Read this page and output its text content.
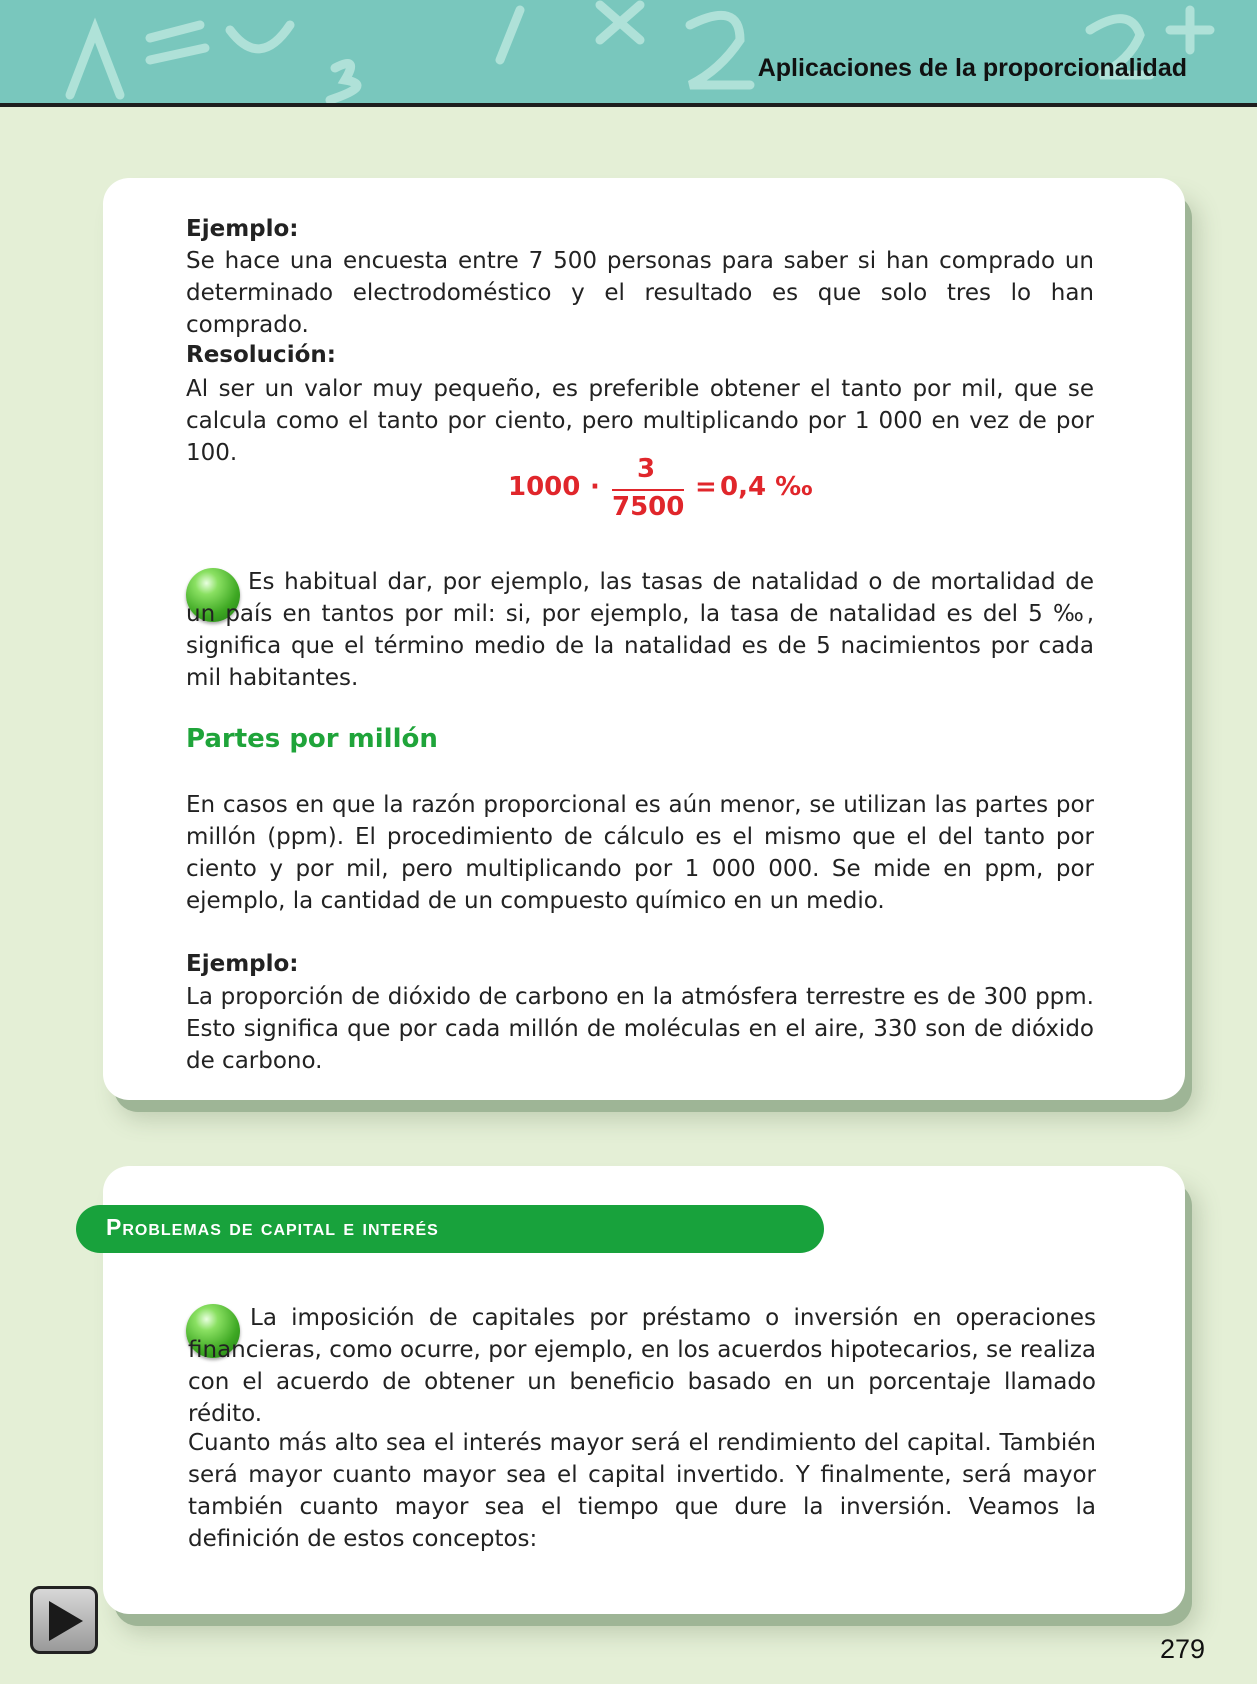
Aplicaciones de la proporcionalidad

Ejemplo:

Se hace una encuesta entre 7 500 personas para saber si han comprado un determinado electrodoméstico y el resultado es que solo tres lo han comprado.

Resolución:

Al ser un valor muy pequeño, es preferible obtener el tanto por mil, que se calcula como el tanto por ciento, pero multiplicando por 1 000 en vez de por 100.

1000 ·
3
7500
= 0,4 ‰

Es habitual dar, por ejemplo, las tasas de natalidad o de mortalidad de un país en tantos por mil: si, por ejemplo, la tasa de natalidad es del 5 ‰, significa que el término medio de la natalidad es de 5 nacimientos por cada mil habitantes.

Partes por millón

En casos en que la razón proporcional es aún menor, se utilizan las partes por millón (ppm). El procedimiento de cálculo es el mismo que el del tanto por ciento y por mil, pero multiplicando por 1 000 000. Se mide en ppm, por ejemplo, la cantidad de un compuesto químico en un medio.

Ejemplo:

La proporción de dióxido de carbono en la atmósfera terrestre es de 300 ppm. Esto significa que por cada millón de moléculas en el aire, 330 son de dióxido de carbono.

Problemas de capital e interés

La imposición de capitales por préstamo o inversión en operaciones financieras, como ocurre, por ejemplo, en los acuerdos hipotecarios, se realiza con el acuerdo de obtener un beneficio basado en un porcentaje llamado rédito.

Cuanto más alto sea el interés mayor será el rendimiento del capital. También será mayor cuanto mayor sea el capital invertido. Y finalmente, será mayor también cuanto mayor sea el tiempo que dure la inversión. Veamos la definición de estos conceptos:

279
